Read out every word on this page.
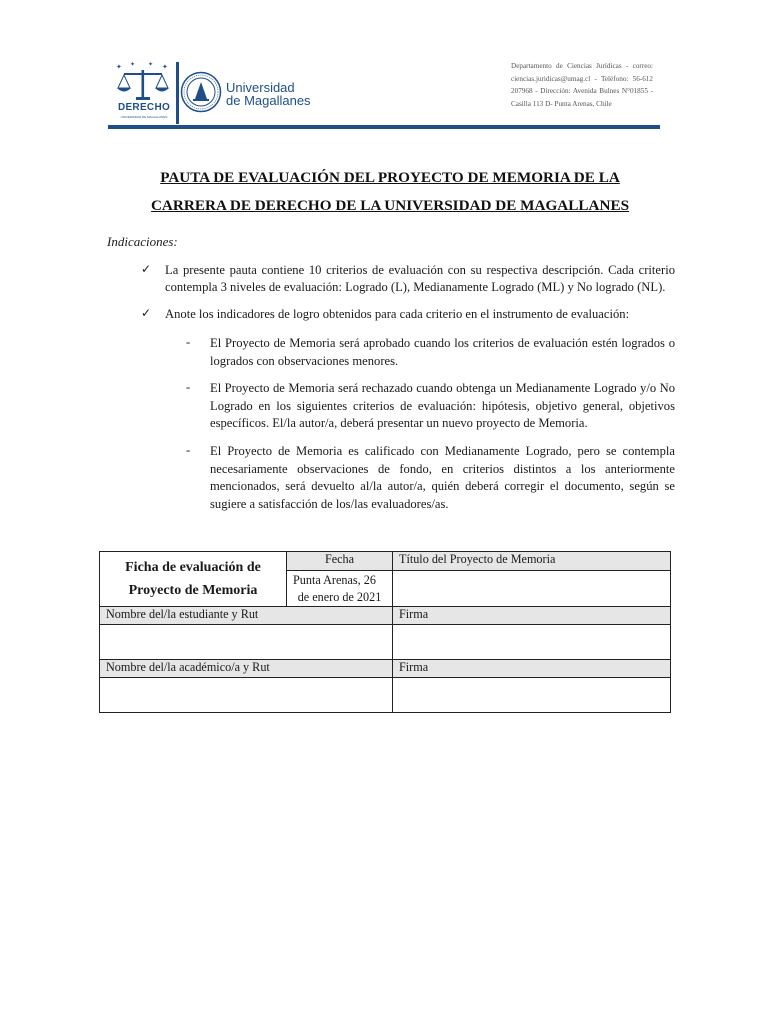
✦ ✦ ✦ ✦
DERECHO
UNIVERSIDAD DE MAGALLANES
Universidad
de Magallanes
Departamento de Ciencias Jurídicas - correo: ciencias.juridicas@umag.cl - Teléfono: 56-612 207968 - Dirección: Avenida Bulnes N°01855 - Casilla 113 D- Punta Arenas, Chile
PAUTA DE EVALUACIÓN DEL PROYECTO DE MEMORIA DE LA
CARRERA DE DERECHO DE LA UNIVERSIDAD DE MAGALLANES
Indicaciones:
✓ La presente pauta contiene 10 criterios de evaluación con su respectiva descripción. Cada criterio contempla 3 niveles de evaluación: Logrado (L), Medianamente Logrado (ML) y No logrado (NL).
✓ Anote los indicadores de logro obtenidos para cada criterio en el instrumento de evaluación:
- El Proyecto de Memoria será aprobado cuando los criterios de evaluación estén logrados o logrados con observaciones menores.
- El Proyecto de Memoria será rechazado cuando obtenga un Medianamente Logrado y/o No Logrado en los siguientes criterios de evaluación: hipótesis, objetivo general, objetivos específicos. El/la autor/a, deberá presentar un nuevo proyecto de Memoria.
- El Proyecto de Memoria es calificado con Medianamente Logrado, pero se contempla necesariamente observaciones de fondo, en criterios distintos a los anteriormente mencionados, será devuelto al/la autor/a, quién deberá corregir el documento, según se sugiere a satisfacción de los/las evaluadores/as.
Ficha de evaluación de
Proyecto de Memoria	Fecha	Título del Proyecto de Memoria

	Punta Arenas, 26
de enero de 2021	

Nombre del/la estudiante y Rut		Firma

Nombre del/la académico/a y Rut		Firma
